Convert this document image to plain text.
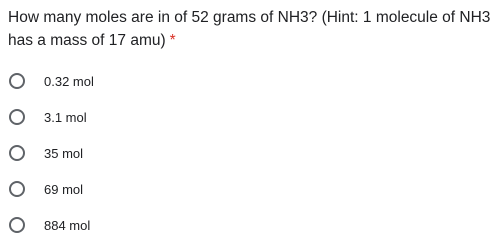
How many moles are in of 52 grams of NH3? (Hint: 1 molecule of NH3 has a mass of 17 amu) *
0.32 mol
3.1 mol
35 mol
69 mol
884 mol
